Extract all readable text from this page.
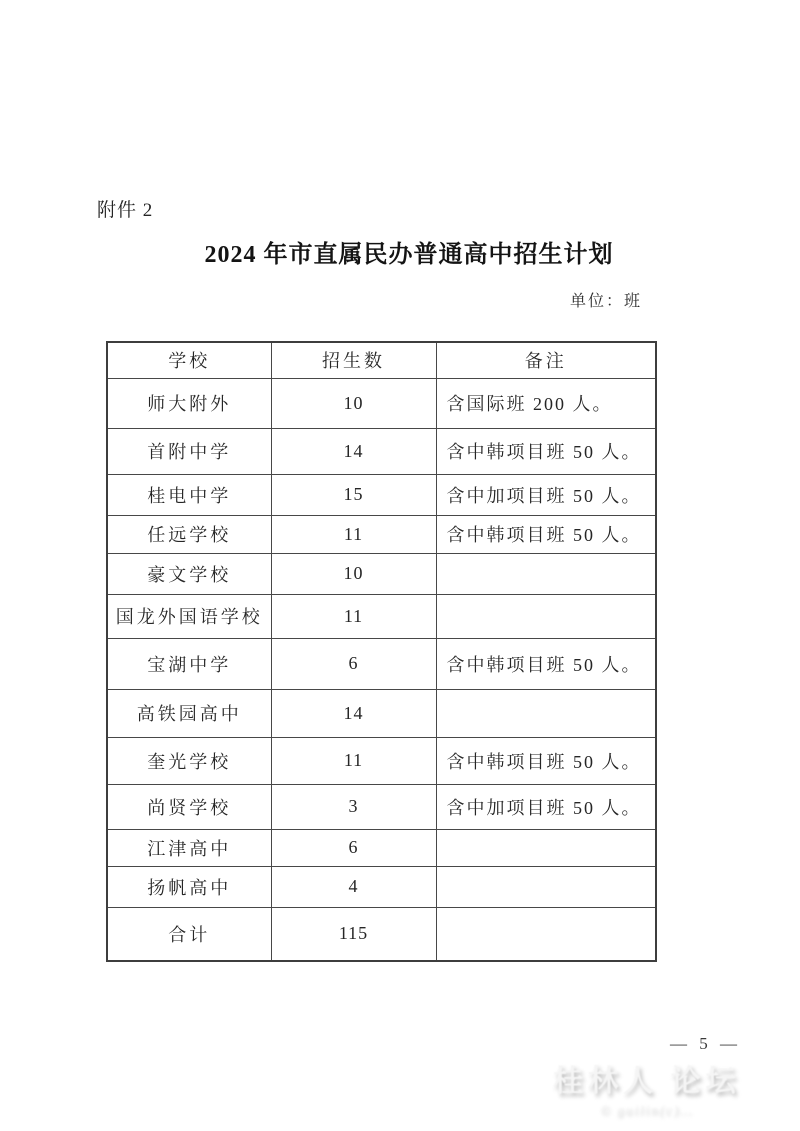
附件 2
2024 年市直属民办普通高中招生计划
单位：班
学校	招生数	备注
师大附外	10	含国际班 200 人。
首附中学	14	含中韩项目班 50 人。
桂电中学	15	含中加项目班 50 人。
任远学校	11	含中韩项目班 50 人。
豪文学校	10	
国龙外国语学校	11	
宝湖中学	6	含中韩项目班 50 人。
高铁园高中	14	
奎光学校	11	含中韩项目班 50 人。
尚贤学校	3	含中加项目班 50 人。
江津高中	6	
扬帆高中	4	
合计	115	
— 5 —
桂林人 论坛
© guilin(c)…
